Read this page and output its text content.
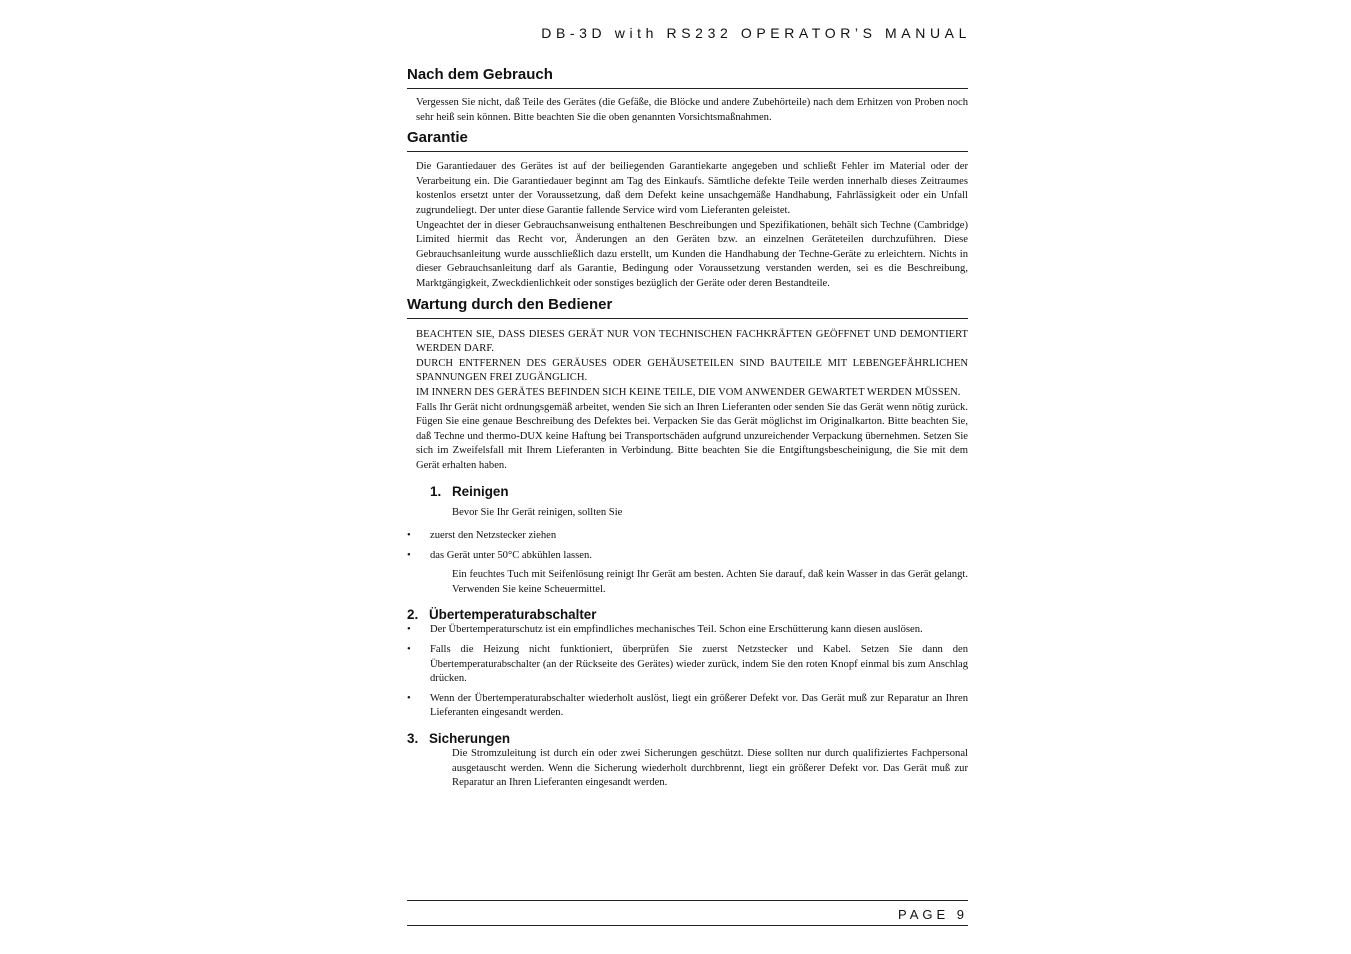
DB-3D with RS232 OPERATOR’S MANUAL
Nach dem Gebrauch

Vergessen Sie nicht, daß Teile des Gerätes (die Gefäße, die Blöcke und andere Zubehörteile) nach dem Erhitzen von Proben noch sehr heiß sein können. Bitte beachten Sie die oben genannten Vorsichtsmaßnahmen.

Garantie

Die Garantiedauer des Gerätes ist auf der beiliegenden Garantiekarte angegeben und schließt Fehler im Material oder der Verarbeitung ein. Die Garantiedauer beginnt am Tag des Einkaufs. Sämtliche defekte Teile werden innerhalb dieses Zeitraumes kostenlos ersetzt unter der Voraussetzung, daß dem Defekt keine unsachgemäße Handhabung, Fahrlässigkeit oder ein Unfall zugrundeliegt. Der unter diese Garantie fallende Service wird vom Lieferanten geleistet.

Ungeachtet der in dieser Gebrauchsanweisung enthaltenen Beschreibungen und Spezifikationen, behält sich Techne (Cambridge) Limited hiermit das Recht vor, Änderungen an den Geräten bzw. an einzelnen Geräteteilen durchzuführen. Diese Gebrauchsanleitung wurde ausschließlich dazu erstellt, um Kunden die Handhabung der Techne-Geräte zu erleichtern. Nichts in dieser Gebrauchsanleitung darf als Garantie, Bedingung oder Voraussetzung verstanden werden, sei es die Beschreibung, Marktgängigkeit, Zweckdienlichkeit oder sonstiges bezüglich der Geräte oder deren Bestandteile.

Wartung durch den Bediener

BEACHTEN SIE, DASS DIESES GERÄT NUR VON TECHNISCHEN FACHKRÄFTEN GEÖFFNET UND DEMONTIERT WERDEN DARF.

DURCH ENTFERNEN DES GERÄUSES ODER GEHÄUSETEILEN SIND BAUTEILE MIT LEBENGEFÄHRLICHEN SPANNUNGEN FREI ZUGÄNGLICH.

IM INNERN DES GERÄTES BEFINDEN SICH KEINE TEILE, DIE VOM ANWENDER GEWARTET WERDEN MÜSSEN.

Falls Ihr Gerät nicht ordnungsgemäß arbeitet, wenden Sie sich an Ihren Lieferanten oder senden Sie das Gerät wenn nötig zurück. Fügen Sie eine genaue Beschreibung des Defektes bei. Verpacken Sie das Gerät möglichst im Originalkarton. Bitte beachten Sie, daß Techne und thermo-DUX keine Haftung bei Transportschäden aufgrund unzureichender Verpackung übernehmen. Setzen Sie sich im Zweifelsfall mit Ihrem Lieferanten in Verbindung. Bitte beachten Sie die Entgiftungsbescheinigung, die Sie mit dem Gerät erhalten haben.

1. Reinigen

Bevor Sie Ihr Gerät reinigen, sollten Sie

•	zuerst den Netzstecker ziehen
•	das Gerät unter 50°C abkühlen lassen.

Ein feuchtes Tuch mit Seifenlösung reinigt Ihr Gerät am besten. Achten Sie darauf, daß kein Wasser in das Gerät gelangt. Verwenden Sie keine Scheuermittel.

2. Übertemperaturabschalter
•	Der Übertemperaturschutz ist ein empfindliches mechanisches Teil. Schon eine Erschütterung kann diesen auslösen.
•	Falls die Heizung nicht funktioniert, überprüfen Sie zuerst Netzstecker und Kabel. Setzen Sie dann den Übertemperaturabschalter (an der Rückseite des Gerätes) wieder zurück, indem Sie den roten Knopf einmal bis zum Anschlag drücken.
•	Wenn der Übertemperaturabschalter wiederholt auslöst, liegt ein größerer Defekt vor. Das Gerät muß zur Reparatur an Ihren Lieferanten eingesandt werden.
3. Sicherungen

Die Stromzuleitung ist durch ein oder zwei Sicherungen geschützt. Diese sollten nur durch qualifiziertes Fachpersonal ausgetauscht werden. Wenn die Sicherung wiederholt durchbrennt, liegt ein größerer Defekt vor. Das Gerät muß zur Reparatur an Ihren Lieferanten eingesandt werden.

PAGE 9
